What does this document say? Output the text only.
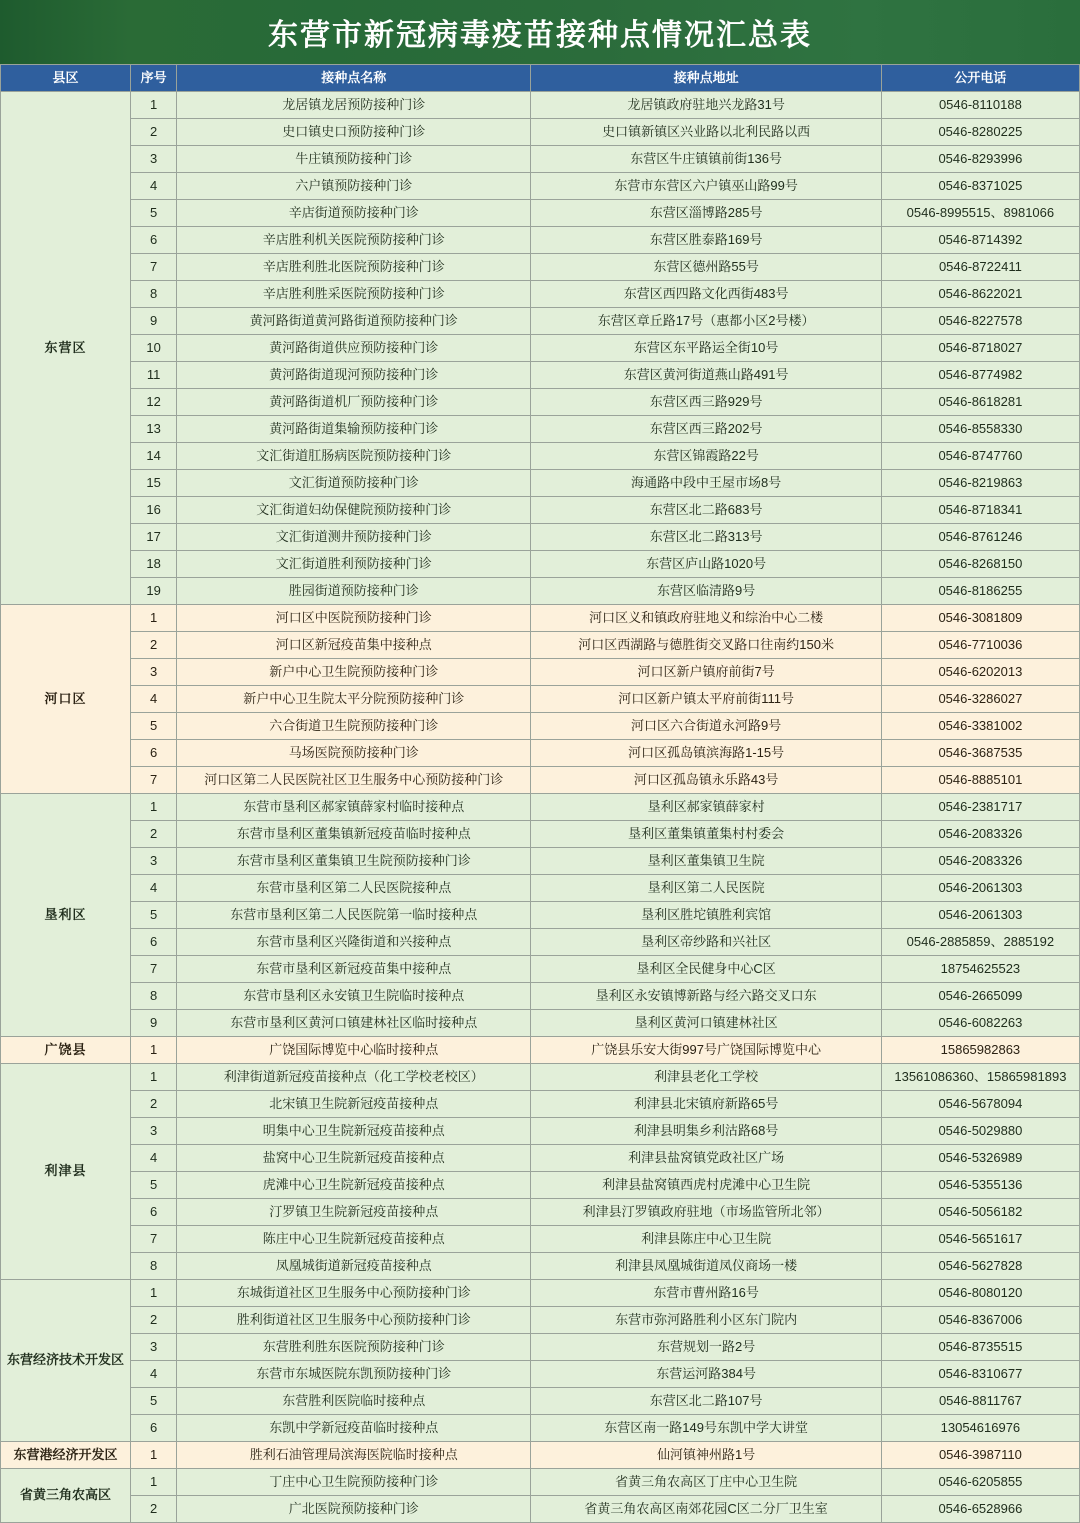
东营市新冠病毒疫苗接种点情况汇总表
县区	序号	接种点名称	接种点地址	公开电话
东营区	1	龙居镇龙居预防接种门诊	龙居镇政府驻地兴龙路31号	0546-8110188
	2	史口镇史口预防接种门诊	史口镇新镇区兴业路以北利民路以西	0546-8280225
	3	牛庄镇预防接种门诊	东营区牛庄镇镇前街136号	0546-8293996
	4	六户镇预防接种门诊	东营市东营区六户镇巫山路99号	0546-8371025
	5	辛店街道预防接种门诊	东营区淄博路285号	0546-8995515、8981066
	6	辛店胜利机关医院预防接种门诊	东营区胜泰路169号	0546-8714392
	7	辛店胜利胜北医院预防接种门诊	东营区德州路55号	0546-8722411
	8	辛店胜利胜采医院预防接种门诊	东营区西四路文化西街483号	0546-8622021
	9	黄河路街道黄河路街道预防接种门诊	东营区章丘路17号（惠都小区2号楼）	0546-8227578
	10	黄河路街道供应预防接种门诊	东营区东平路运全街10号	0546-8718027
	11	黄河路街道现河预防接种门诊	东营区黄河街道燕山路491号	0546-8774982
	12	黄河路街道机厂预防接种门诊	东营区西三路929号	0546-8618281
	13	黄河路街道集输预防接种门诊	东营区西三路202号	0546-8558330
	14	文汇街道肛肠病医院预防接种门诊	东营区锦霞路22号	0546-8747760
	15	文汇街道预防接种门诊	海通路中段中王屋市场8号	0546-8219863
	16	文汇街道妇幼保健院预防接种门诊	东营区北二路683号	0546-8718341
	17	文汇街道测井预防接种门诊	东营区北二路313号	0546-8761246
	18	文汇街道胜利预防接种门诊	东营区庐山路1020号	0546-8268150
	19	胜园街道预防接种门诊	东营区临清路9号	0546-8186255
河口区	1	河口区中医院预防接种门诊	河口区义和镇政府驻地义和综治中心二楼	0546-3081809
	2	河口区新冠疫苗集中接种点	河口区西湖路与德胜街交叉路口往南约150米	0546-7710036
	3	新户中心卫生院预防接种门诊	河口区新户镇府前街7号	0546-6202013
	4	新户中心卫生院太平分院预防接种门诊	河口区新户镇太平府前街111号	0546-3286027
	5	六合街道卫生院预防接种门诊	河口区六合街道永河路9号	0546-3381002
	6	马场医院预防接种门诊	河口区孤岛镇滨海路1-15号	0546-3687535
	7	河口区第二人民医院社区卫生服务中心预防接种门诊	河口区孤岛镇永乐路43号	0546-8885101
垦利区	1	东营市垦利区郝家镇薛家村临时接种点	垦利区郝家镇薛家村	0546-2381717
	2	东营市垦利区董集镇新冠疫苗临时接种点	垦利区董集镇董集村村委会	0546-2083326
	3	东营市垦利区董集镇卫生院预防接种门诊	垦利区董集镇卫生院	0546-2083326
	4	东营市垦利区第二人民医院接种点	垦利区第二人民医院	0546-2061303
	5	东营市垦利区第二人民医院第一临时接种点	垦利区胜坨镇胜利宾馆	0546-2061303
	6	东营市垦利区兴隆街道和兴接种点	垦利区帝纱路和兴社区	0546-2885859、2885192
	7	东营市垦利区新冠疫苗集中接种点	垦利区全民健身中心C区	18754625523
	8	东营市垦利区永安镇卫生院临时接种点	垦利区永安镇博新路与经六路交叉口东	0546-2665099
	9	东营市垦利区黄河口镇建林社区临时接种点	垦利区黄河口镇建林社区	0546-6082263
广饶县	1	广饶国际博览中心临时接种点	广饶县乐安大街997号广饶国际博览中心	15865982863
利津县	1	利津街道新冠疫苗接种点（化工学校老校区）	利津县老化工学校	13561086360、15865981893
	2	北宋镇卫生院新冠疫苗接种点	利津县北宋镇府新路65号	0546-5678094
	3	明集中心卫生院新冠疫苗接种点	利津县明集乡利沽路68号	0546-5029880
	4	盐窝中心卫生院新冠疫苗接种点	利津县盐窝镇党政社区广场	0546-5326989
	5	虎滩中心卫生院新冠疫苗接种点	利津县盐窝镇西虎村虎滩中心卫生院	0546-5355136
	6	汀罗镇卫生院新冠疫苗接种点	利津县汀罗镇政府驻地（市场监管所北邻）	0546-5056182
	7	陈庄中心卫生院新冠疫苗接种点	利津县陈庄中心卫生院	0546-5651617
	8	凤凰城街道新冠疫苗接种点	利津县凤凰城街道凤仪商场一楼	0546-5627828
东营经济技术开发区	1	东城街道社区卫生服务中心预防接种门诊	东营市曹州路16号	0546-8080120
	2	胜利街道社区卫生服务中心预防接种门诊	东营市弥河路胜利小区东门院内	0546-8367006
	3	东营胜利胜东医院预防接种门诊	东营规划一路2号	0546-8735515
	4	东营市东城医院东凯预防接种门诊	东营运河路384号	0546-8310677
	5	东营胜利医院临时接种点	东营区北二路107号	0546-8811767
	6	东凯中学新冠疫苗临时接种点	东营区南一路149号东凯中学大讲堂	13054616976
东营港经济开发区	1	胜利石油管理局滨海医院临时接种点	仙河镇神州路1号	0546-3987110
省黄三角农高区	1	丁庄中心卫生院预防接种门诊	省黄三角农高区丁庄中心卫生院	0546-6205855
	2	广北医院预防接种门诊	省黄三角农高区南郊花园C区二分厂卫生室	0546-6528966
